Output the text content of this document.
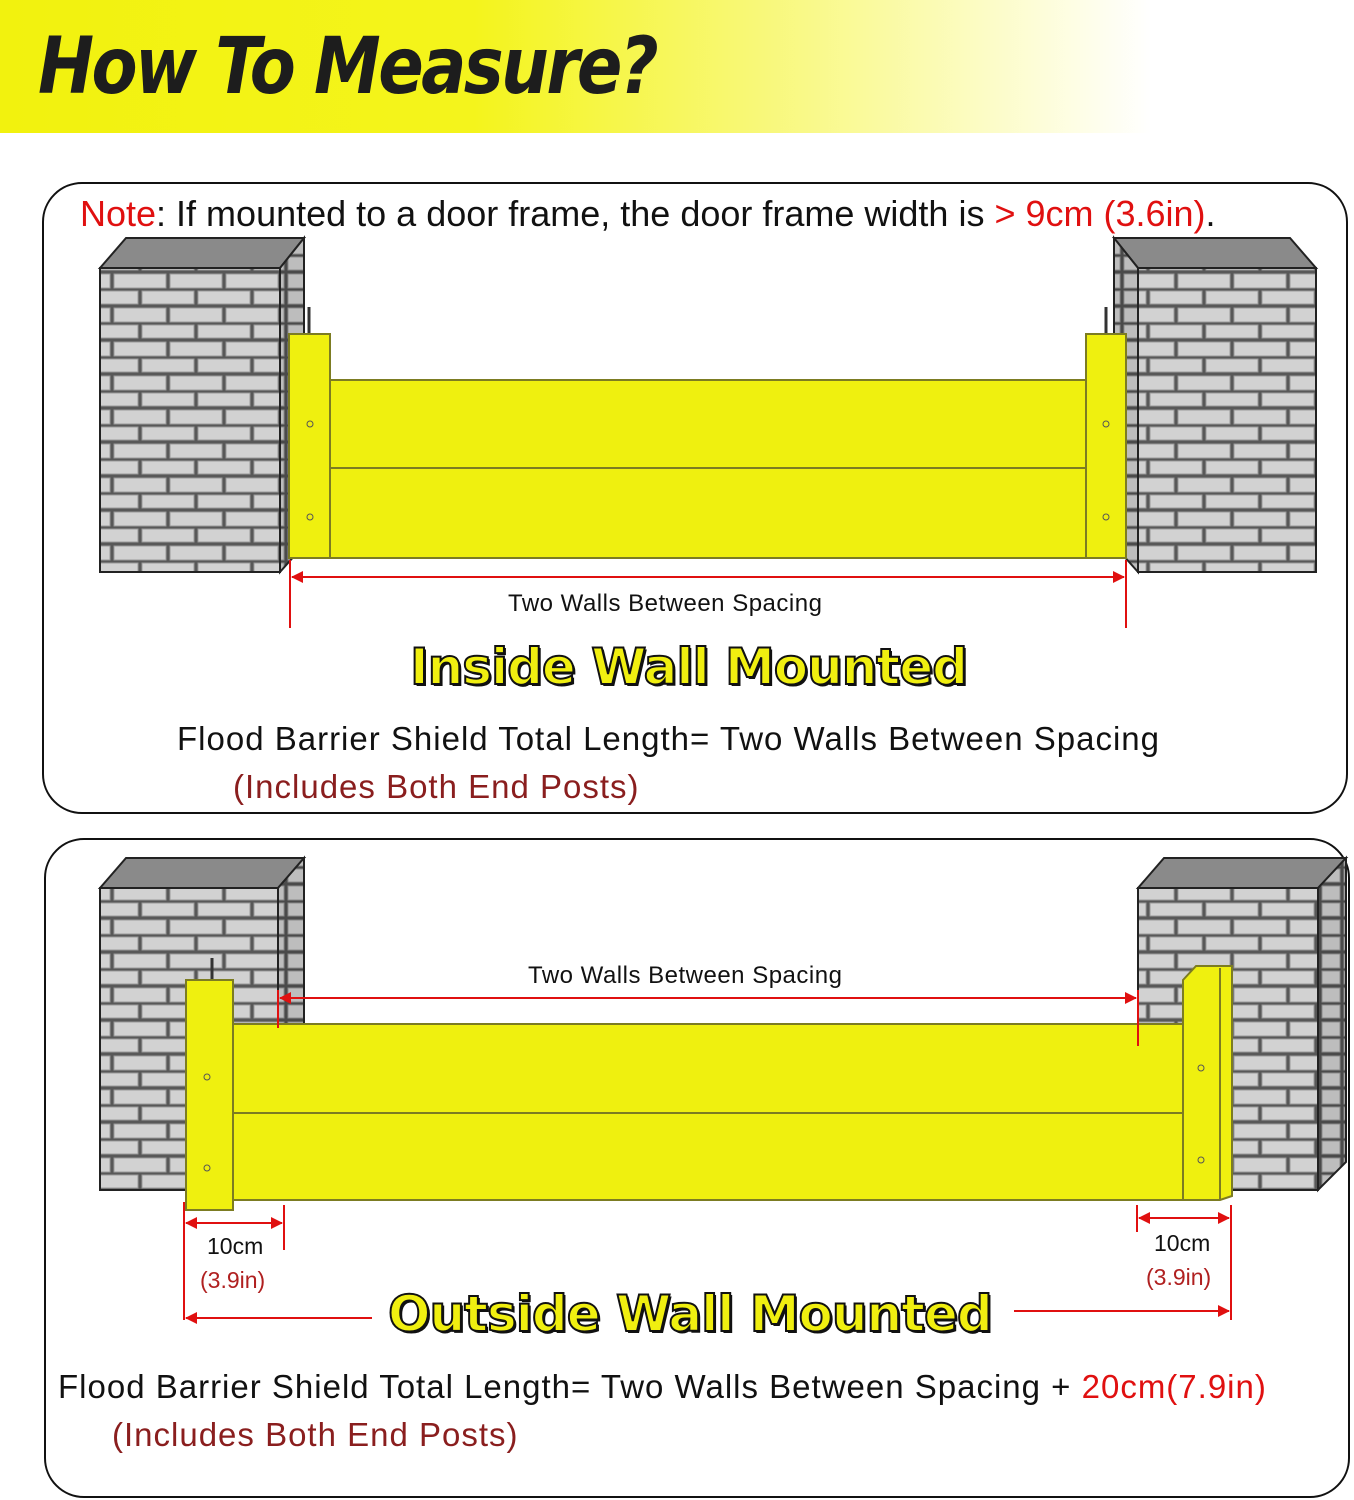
How To Measure?

Note: If mounted to a door frame, the door frame width is > 9cm (3.6in).

Two Walls Between Spacing

Inside Wall Mounted

Flood Barrier Shield Total Length= Two Walls Between Spacing

(Includes Both End Posts)

Two Walls Between Spacing

10cm

(3.9in)

10cm

(3.9in)

Outside Wall Mounted

Flood Barrier Shield Total Length= Two Walls Between Spacing + 20cm(7.9in)

(Includes Both End Posts)
